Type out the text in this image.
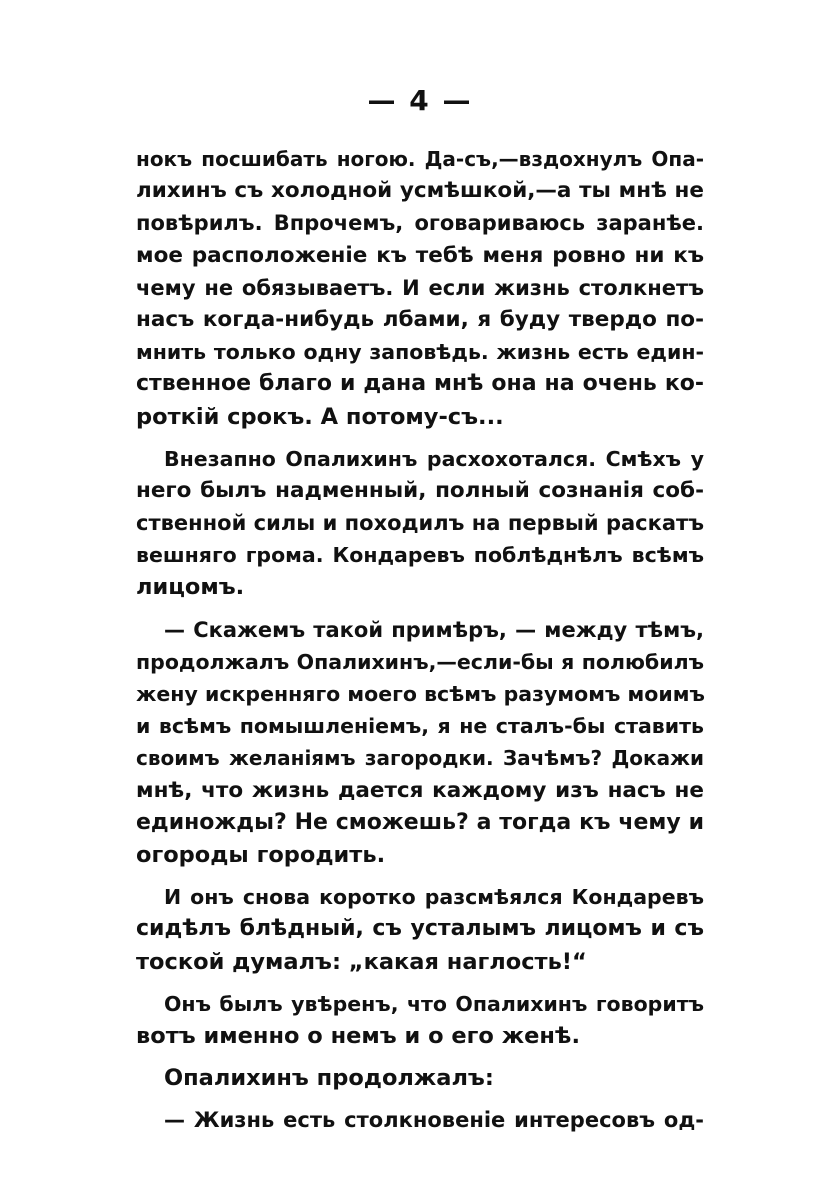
— 4 —
нокъ посшибать ногою. Да-съ,—вздохнулъ Опа-
лихинъ съ холодной усмѣшкой,—а ты мнѣ не
повѣрилъ. Впрочемъ, оговариваюсь заранѣе.
мое расположенie къ тебѣ меня ровно ни къ
чему не обязываетъ. И если жизнь столкнетъ
насъ когда-нибудь лбами, я буду твердо по-
мнить только одну заповѣдь. жизнь есть един-
ственное благо и дана мнѣ она на очень ко-
роткiй срокъ. А потому-съ...
Внезапно Опалихинъ расхохотался. Смѣхъ у
него былъ надменный, полный сознанiя соб-
ственной силы и походилъ на первый раскатъ
вешняго грома. Кондаревъ поблѣднѣлъ всѣмъ
лицомъ.
— Скажемъ такой примѣръ, — между тѣмъ,
продолжалъ Опалихинъ,—если-бы я полюбилъ
жену искренняго моего всѣмъ разумомъ моимъ
и всѣмъ помышленiемъ, я не сталъ-бы ставить
своимъ желанiямъ загородки. Зачѣмъ? Докажи
мнѣ, что жизнь дается каждому изъ насъ не
единожды? Не сможешь? а тогда къ чему и
огороды городить.
И онъ снова коротко разсмѣялся Кондаревъ
сидѣлъ блѣдный, съ усталымъ лицомъ и съ
тоской думалъ: „какая наглость!“
Онъ былъ увѣренъ, что Опалихинъ говоритъ
вотъ именно о немъ и о его женѣ.
Опалихинъ продолжалъ:
— Жизнь есть столкновенie интересовъ од-
